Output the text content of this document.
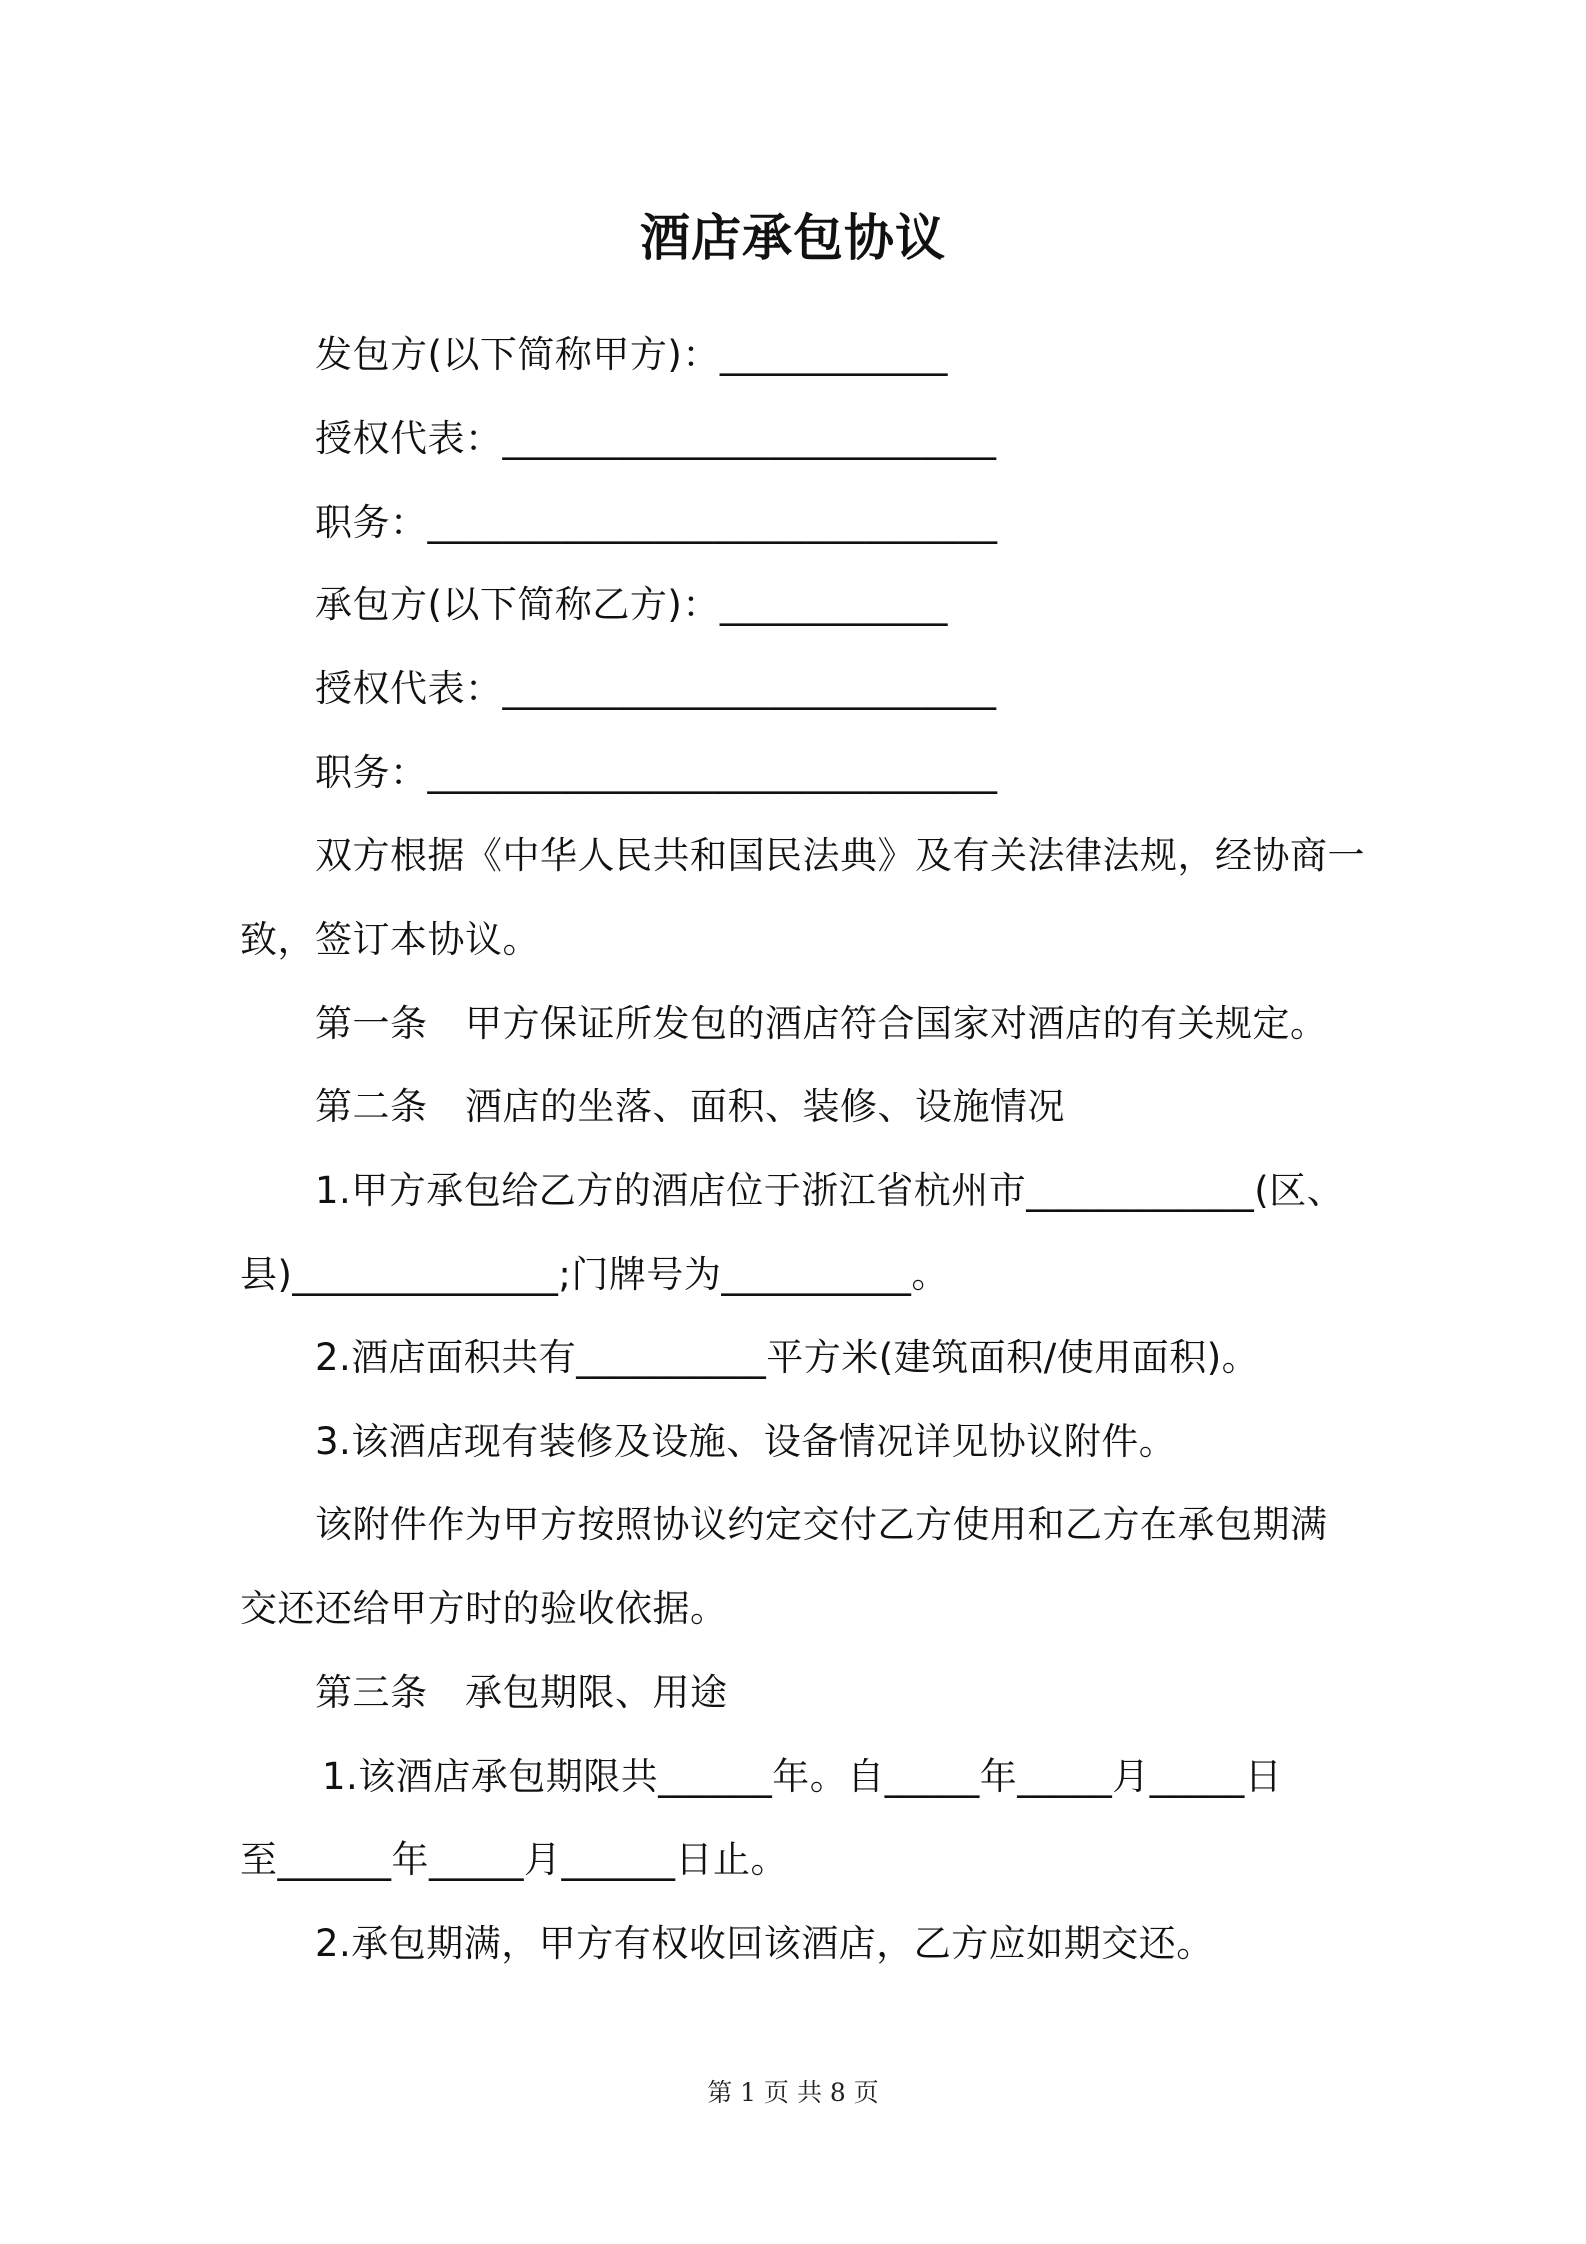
酒店承包协议
发包方(以下简称甲方)：____________
授权代表：__________________________
职务：______________________________
承包方(以下简称乙方)：____________
授权代表：__________________________
职务：______________________________
双方根据《中华人民共和国民法典》及有关法律法规，经协商一
致，签订本协议。
第一条　甲方保证所发包的酒店符合国家对酒店的有关规定。
第二条　酒店的坐落、面积、装修、设施情况
1.甲方承包给乙方的酒店位于浙江省杭州市____________(区、
县)______________;门牌号为__________。
2.酒店面积共有__________平方米(建筑面积/使用面积)。
3.该酒店现有装修及设施、设备情况详见协议附件。
该附件作为甲方按照协议约定交付乙方使用和乙方在承包期满
交还还给甲方时的验收依据。
第三条　承包期限、用途
1.该酒店承包期限共______年。自_____年_____月_____日
至______年_____月______日止。
2.承包期满，甲方有权收回该酒店，乙方应如期交还。
第 1 页 共 8 页
